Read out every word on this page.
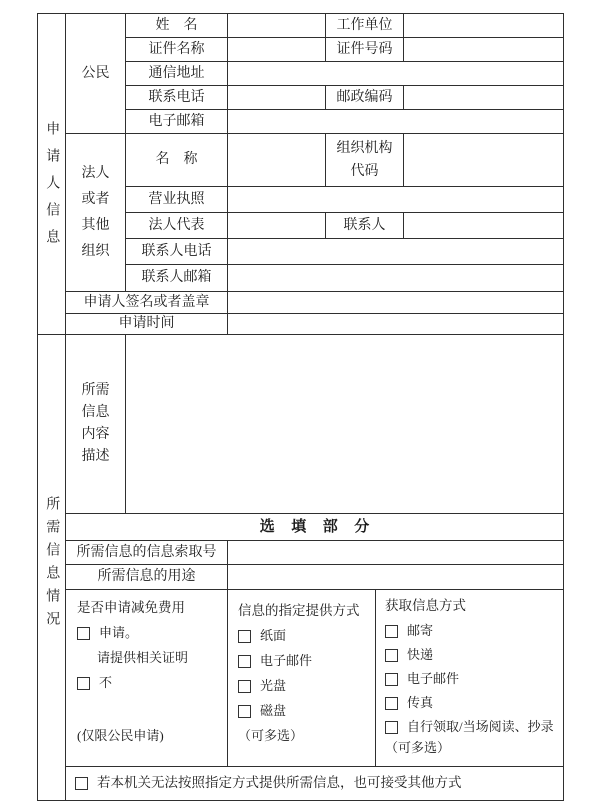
申请人信息	公民	姓　名		工作单位		
		证件名称		证件号码		
		通信地址				
		联系电话		邮政编码		
		电子邮箱				
	法人或者其他组织	名　称		组织机构代码		
		营业执照				
		法人代表		联系人		
		联系人电话				
		联系人邮箱				
	申请人签名或者盖章					
	申请时间					
所需信息情况	所需信息内容描述					
	选填部分					
	所需信息的信息索取号					
	所需信息的用途					

是否申请减免费用
申请。
请提供相关证明
不
(仅限公民申请)

信息的指定提供方式
纸面
电子邮件
光盘
磁盘
（可多选）

获取信息方式
邮寄
快递
电子邮件
传真
自行领取/当场阅读、抄录
（可多选）

	若本机关无法按照指定方式提供所需信息，也可接受其他方式					
